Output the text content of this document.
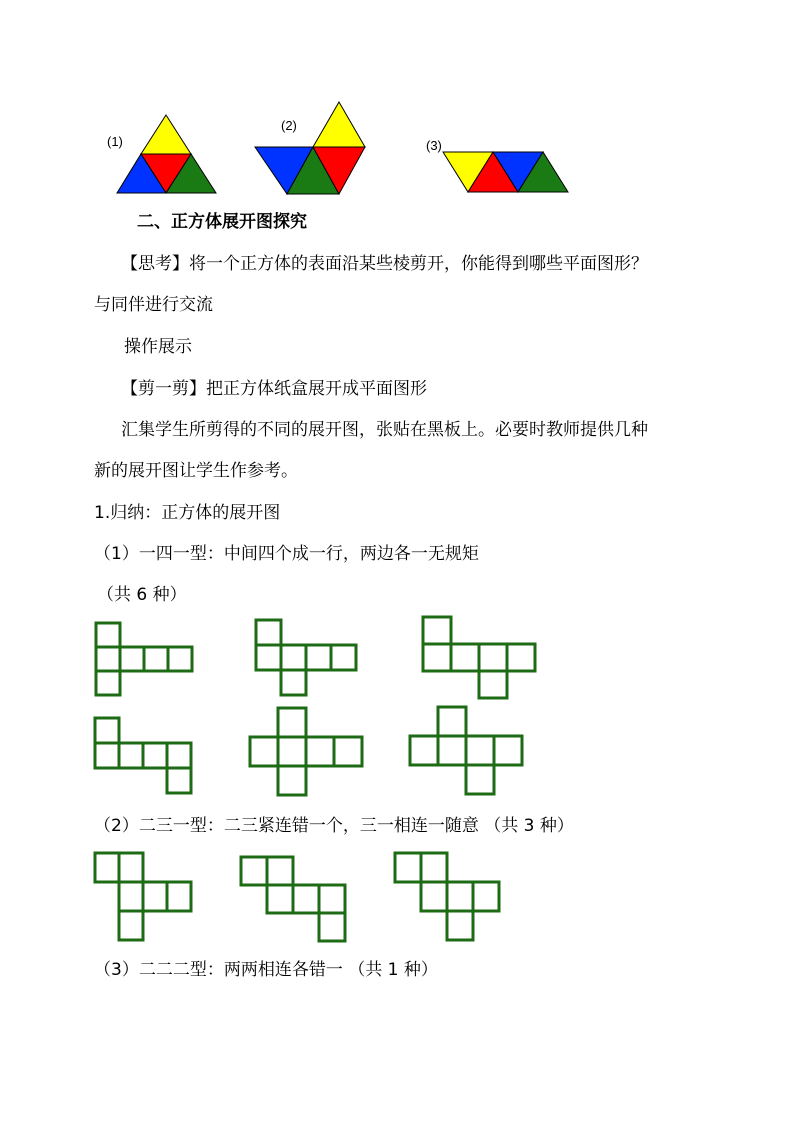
(1)
(2)
(3)
二、正方体展开图探究
【思考】将一个正方体的表面沿某些棱剪开，你能得到哪些平面图形？
与同伴进行交流
操作展示
【剪一剪】把正方体纸盒展开成平面图形
汇集学生所剪得的不同的展开图，张贴在黑板上。必要时教师提供几种
新的展开图让学生作参考。
1.归纳：正方体的展开图
（1）一四一型：中间四个成一行，两边各一无规矩
（共 6 种）
（2）二三一型：二三紧连错一个，三一相连一随意 （共 3 种）
（3）二二二型：两两相连各错一 （共 1 种）
